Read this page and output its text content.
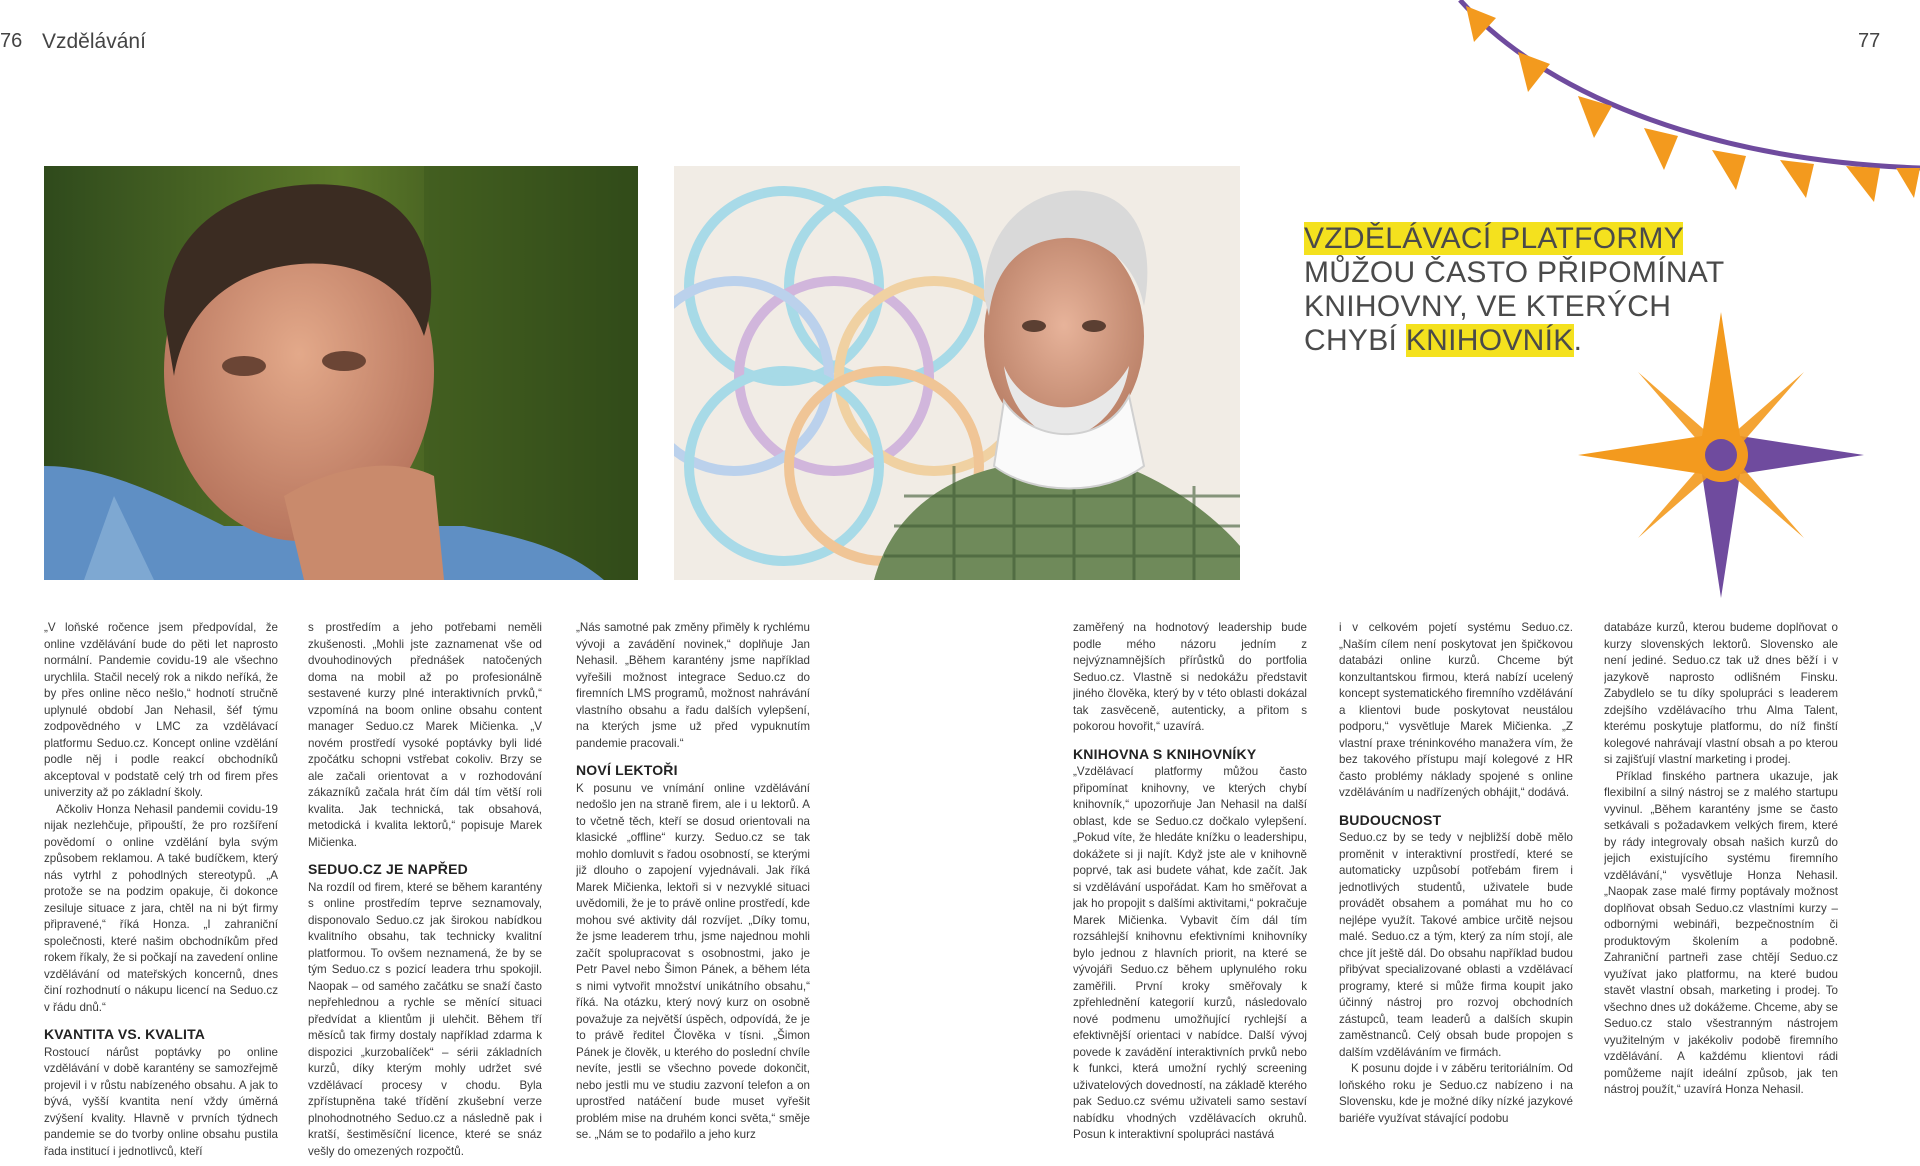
76 Vzdělávání	77
VZDĚLÁVACÍ PLATFORMY MŮŽOU ČASTO PŘIPOMÍNAT KNIHOVNY, VE KTERÝCH CHYBÍ KNIHOVNÍK.

„V loňské ročence jsem předpovídal, že online vzdělávání bude do pěti let naprosto normální. Pandemie covidu-19 ale všechno urychlila. Stačil necelý rok a nikdo neříká, že by přes online něco nešlo,“ hodnotí stručně uplynulé období Jan Nehasil, šéf týmu zodpovědného v LMC za vzdělávací platformu Seduo.cz. Koncept online vzdělání podle něj i podle reakcí obchodníků akceptoval v podstatě celý trh od firem přes univerzity až po základní školy.

Ačkoliv Honza Nehasil pandemii covidu-19 nijak nezlehčuje, připouští, že pro rozšíření povědomí o online vzdělání byla svým způsobem reklamou. A také budíčkem, který nás vytrhl z pohodlných stereotypů. „A protože se na podzim opakuje, či dokonce zesiluje situace z jara, chtěl na ni být firmy připravené,“ říká Honza. „I zahraniční společnosti, které našim obchodníkům před rokem říkaly, že si počkají na zavedení online vzdělávání od mateřských koncernů, dnes činí rozhodnutí o nákupu licencí na Seduo.cz v řádu dnů.“

KVANTITA VS. KVALITA

Rostoucí nárůst poptávky po online vzdělávání v době karantény se samozřejmě projevil i v růstu nabízeného obsahu. A jak to bývá, vyšší kvantita není vždy úměrná zvýšení kvality. Hlavně v prvních týdnech pandemie se do tvorby online obsahu pustila řada institucí i jednotlivců, kteří

s prostředím a jeho potřebami neměli zkušenosti. „Mohli jste zaznamenat vše od dvouhodinových přednášek natočených doma na mobil až po profesionálně sestavené kurzy plné interaktivních prvků,“ vzpomíná na boom online obsahu content manager Seduo.cz Marek Mičienka. „V novém prostředí vysoké poptávky byli lidé zpočátku schopni vstřebat cokoliv. Brzy se ale začali orientovat a v rozhodování zákazníků začala hrát čím dál tím větší roli kvalita. Jak technická, tak obsahová, metodická i kvalita lektorů,“ popisuje Marek Mičienka.

SEDUO.CZ JE NAPŘED

Na rozdíl od firem, které se během karantény s online prostředím teprve seznamovaly, disponovalo Seduo.cz jak širokou nabídkou kvalitního obsahu, tak technicky kvalitní platformou. To ovšem neznamená, že by se tým Seduo.cz s pozicí leadera trhu spokojil. Naopak – od samého začátku se snaží často nepřehlednou a rychle se měnící situaci předvídat a klientům ji ulehčit. Během tří měsíců tak firmy dostaly například zdarma k dispozici „kurzobalíček“ – sérii základních kurzů, díky kterým mohly udržet své vzdělávací procesy v chodu. Byla zpřístupněna také třídění zkušební verze plnohodnotného Seduo.cz a následně pak i kratší, šestiměsíční licence, které se snáz vešly do omezených rozpočtů.

„Nás samotné pak změny přiměly k rychlému vývoji a zavádění novinek,“ doplňuje Jan Nehasil. „Během karantény jsme například vyřešili možnost integrace Seduo.cz do firemních LMS programů, možnost nahrávání vlastního obsahu a řadu dalších vylepšení, na kterých jsme už před vypuknutím pandemie pracovali.“

NOVÍ LEKTOŘI

K posunu ve vnímání online vzdělávání nedošlo jen na straně firem, ale i u lektorů. A to včetně těch, kteří se dosud orientovali na klasické „offline“ kurzy. Seduo.cz se tak mohlo domluvit s řadou osobností, se kterými již dlouho o zapojení vyjednávali. Jak říká Marek Mičienka, lektoři si v nezvyklé situaci uvědomili, že je to právě online prostředí, kde mohou své aktivity dál rozvíjet. „Díky tomu, že jsme leaderem trhu, jsme najednou mohli začít spolupracovat s osobnostmi, jako je Petr Pavel nebo Šimon Pánek, a během léta s nimi vytvořit množství unikátního obsahu,“ říká. Na otázku, který nový kurz on osobně považuje za největší úspěch, odpovídá, že je to právě ředitel Člověka v tísni. „Šimon Pánek je člověk, u kterého do poslední chvíle nevíte, jestli se všechno povede dokončit, nebo jestli mu ve studiu zazvoní telefon a on uprostřed natáčení bude muset vyřešit problém mise na druhém konci světa,“ směje se. „Nám se to podařilo a jeho kurz

zaměřený na hodnotový leadership bude podle mého názoru jedním z nejvýznamnějších přírůstků do portfolia Seduo.cz. Vlastně si nedokážu představit jiného člověka, který by v této oblasti dokázal tak zasvěceně, autenticky, a přitom s pokorou hovořit,“ uzavírá.

KNIHOVNA S KNIHOVNÍKY

„Vzdělávací platformy můžou často připomínat knihovny, ve kterých chybí knihovník,“ upozorňuje Jan Nehasil na další oblast, kde se Seduo.cz dočkalo vylepšení. „Pokud víte, že hledáte knížku o leadershipu, dokážete si ji najít. Když jste ale v knihovně poprvé, tak asi budete váhat, kde začít. Jak si vzdělávání uspořádat. Kam ho směřovat a jak ho propojit s dalšími aktivitami,“ pokračuje Marek Mičienka. Vybavit čím dál tím rozsáhlejší knihovnu efektivními knihovníky bylo jednou z hlavních priorit, na které se vývojáři Seduo.cz během uplynulého roku zaměřili. První kroky směřovaly k zpřehlednění kategorií kurzů, následovalo nové podmenu umožňující rychlejší a efektivnější orientaci v nabídce. Další vývoj povede k zavádění interaktivních prvků nebo k funkci, která umožní rychlý screening uživatelových dovedností, na základě kterého pak Seduo.cz svému uživateli samo sestaví nabídku vhodných vzdělávacích okruhů. Posun k interaktivní spolupráci nastává

i v celkovém pojetí systému Seduo.cz. „Naším cílem není poskytovat jen špičkovou databázi online kurzů. Chceme být konzultantskou firmou, která nabízí ucelený koncept systematického firemního vzdělávání a klientovi bude poskytovat neustálou podporu,“ vysvětluje Marek Mičienka. „Z vlastní praxe tréninkového manažera vím, že bez takového přístupu mají kolegové z HR často problémy náklady spojené s online vzděláváním u nadřízených obhájit,“ dodává.

BUDOUCNOST

Seduo.cz by se tedy v nejbližší době mělo proměnit v interaktivní prostředí, které se automaticky uzpůsobí potřebám firem i jednotlivých studentů, uživatele bude provádět obsahem a pomáhat mu ho co nejlépe využít. Takové ambice určitě nejsou malé. Seduo.cz a tým, který za ním stojí, ale chce jít ještě dál. Do obsahu například budou přibývat specializované oblasti a vzdělávací programy, které si může firma koupit jako účinný nástroj pro rozvoj obchodních zástupců, team leaderů a dalších skupin zaměstnanců. Celý obsah bude propojen s dalším vzděláváním ve firmách.

K posunu dojde i v záběru teritoriálním. Od loňského roku je Seduo.cz nabízeno i na Slovensku, kde je možné díky nízké jazykové bariéře využívat stávající podobu

databáze kurzů, kterou budeme doplňovat o kurzy slovenských lektorů. Slovensko ale není jediné. Seduo.cz tak už dnes běží i v jazykově naprosto odlišném Finsku. Zabydlelo se tu díky spolupráci s leaderem zdejšího vzdělávacího trhu Alma Talent, kterému poskytuje platformu, do níž finští kolegové nahrávají vlastní obsah a po kterou si zajišťují vlastní marketing i prodej.

Příklad finského partnera ukazuje, jak flexibilní a silný nástroj se z malého startupu vyvinul. „Během karantény jsme se často setkávali s požadavkem velkých firem, které by rády integrovaly obsah našich kurzů do jejich existujícího systému firemního vzdělávání,“ vysvětluje Honza Nehasil. „Naopak zase malé firmy poptávaly možnost doplňovat obsah Seduo.cz vlastními kurzy – odbornými webináři, bezpečnostním či produktovým školením a podobně. Zahraniční partneři zase chtějí Seduo.cz využívat jako platformu, na které budou stavět vlastní obsah, marketing i prodej. To všechno dnes už dokážeme. Chceme, aby se Seduo.cz stalo všestranným nástrojem využitelným v jakékoliv podobě firemního vzdělávání. A každému klientovi rádi pomůžeme najít ideální způsob, jak ten nástroj použít,“ uzavírá Honza Nehasil.
